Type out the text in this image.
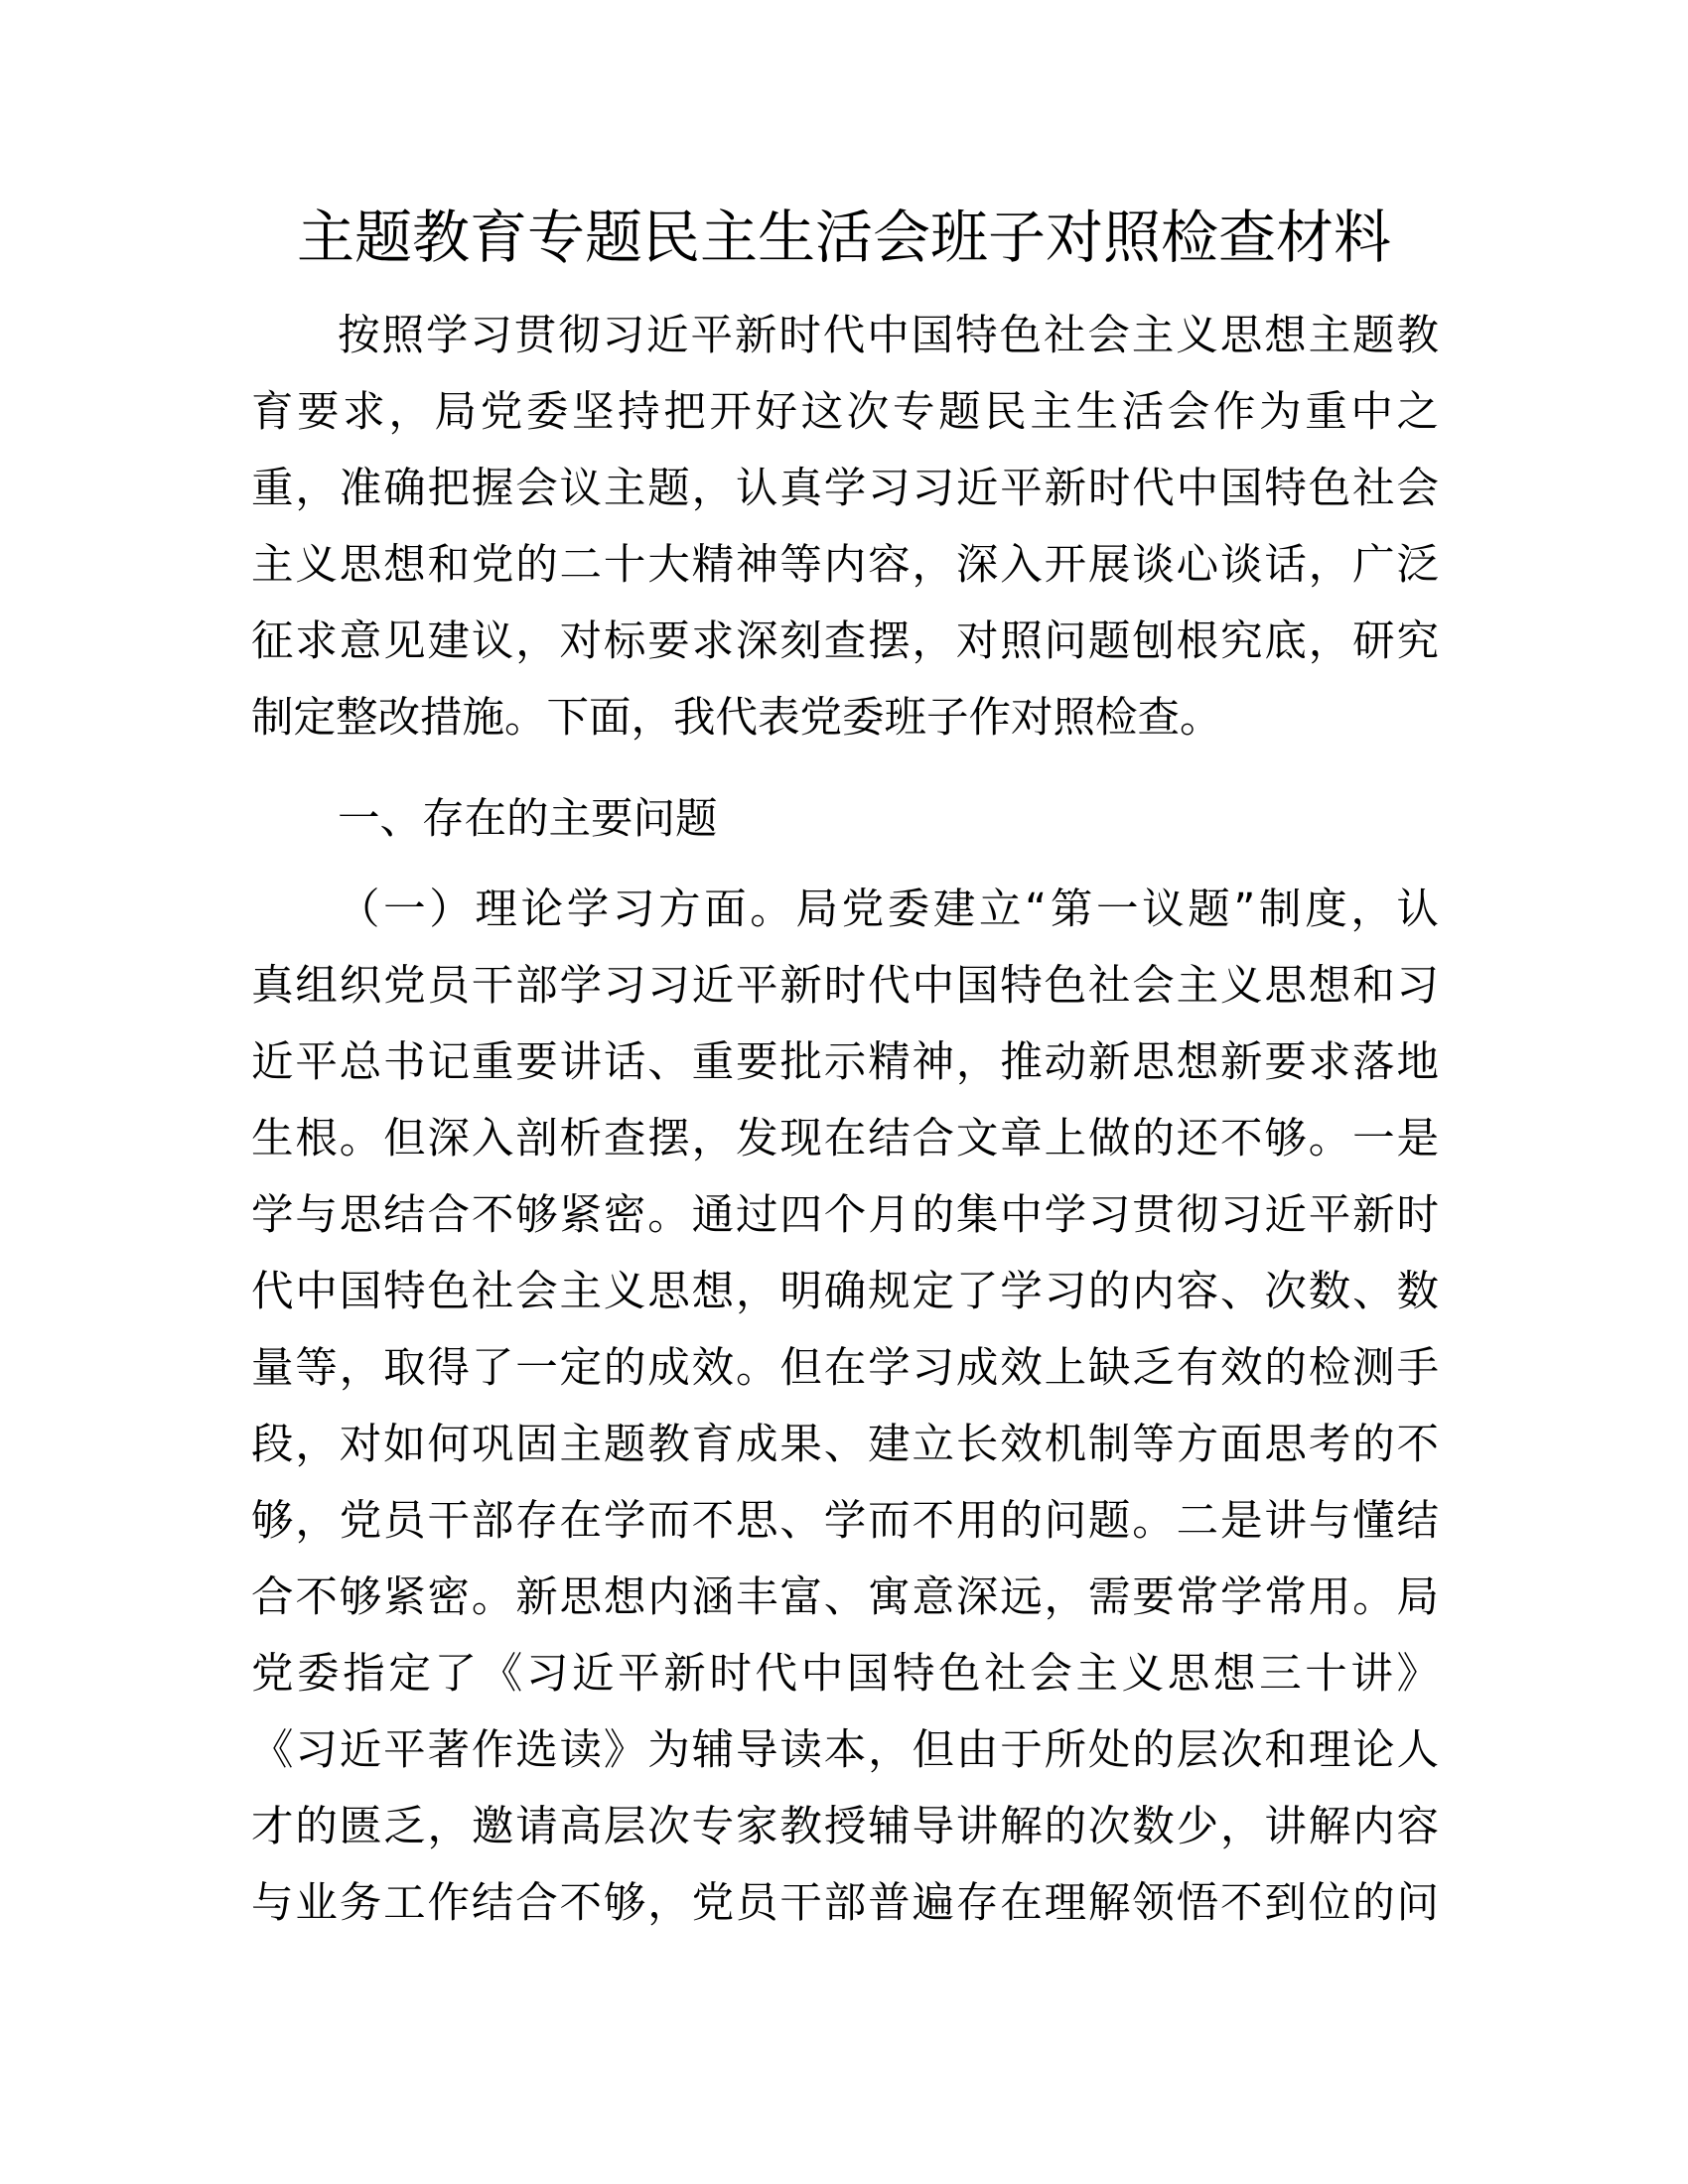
主题教育专题民主生活会班子对照检查材料
按照学习贯彻习近平新时代中国特色社会主义思想主题教
育要求，局党委坚持把开好这次专题民主生活会作为重中之
重，准确把握会议主题，认真学习习近平新时代中国特色社会
主义思想和党的二十大精神等内容，深入开展谈心谈话，广泛
征求意见建议，对标要求深刻查摆，对照问题刨根究底，研究
制定整改措施。下面，我代表党委班子作对照检查。
一、存在的主要问题
（一）理论学习方面。局党委建立“第一议题”制度，认
真组织党员干部学习习近平新时代中国特色社会主义思想和习
近平总书记重要讲话、重要批示精神，推动新思想新要求落地
生根。但深入剖析查摆，发现在结合文章上做的还不够。一是
学与思结合不够紧密。通过四个月的集中学习贯彻习近平新时
代中国特色社会主义思想，明确规定了学习的内容、次数、数
量等，取得了一定的成效。但在学习成效上缺乏有效的检测手
段，对如何巩固主题教育成果、建立长效机制等方面思考的不
够，党员干部存在学而不思、学而不用的问题。二是讲与懂结
合不够紧密。新思想内涵丰富、寓意深远，需要常学常用。局
党委指定了《习近平新时代中国特色社会主义思想三十讲》
《习近平著作选读》为辅导读本，但由于所处的层次和理论人
才的匮乏，邀请高层次专家教授辅导讲解的次数少，讲解内容
与业务工作结合不够，党员干部普遍存在理解领悟不到位的问
